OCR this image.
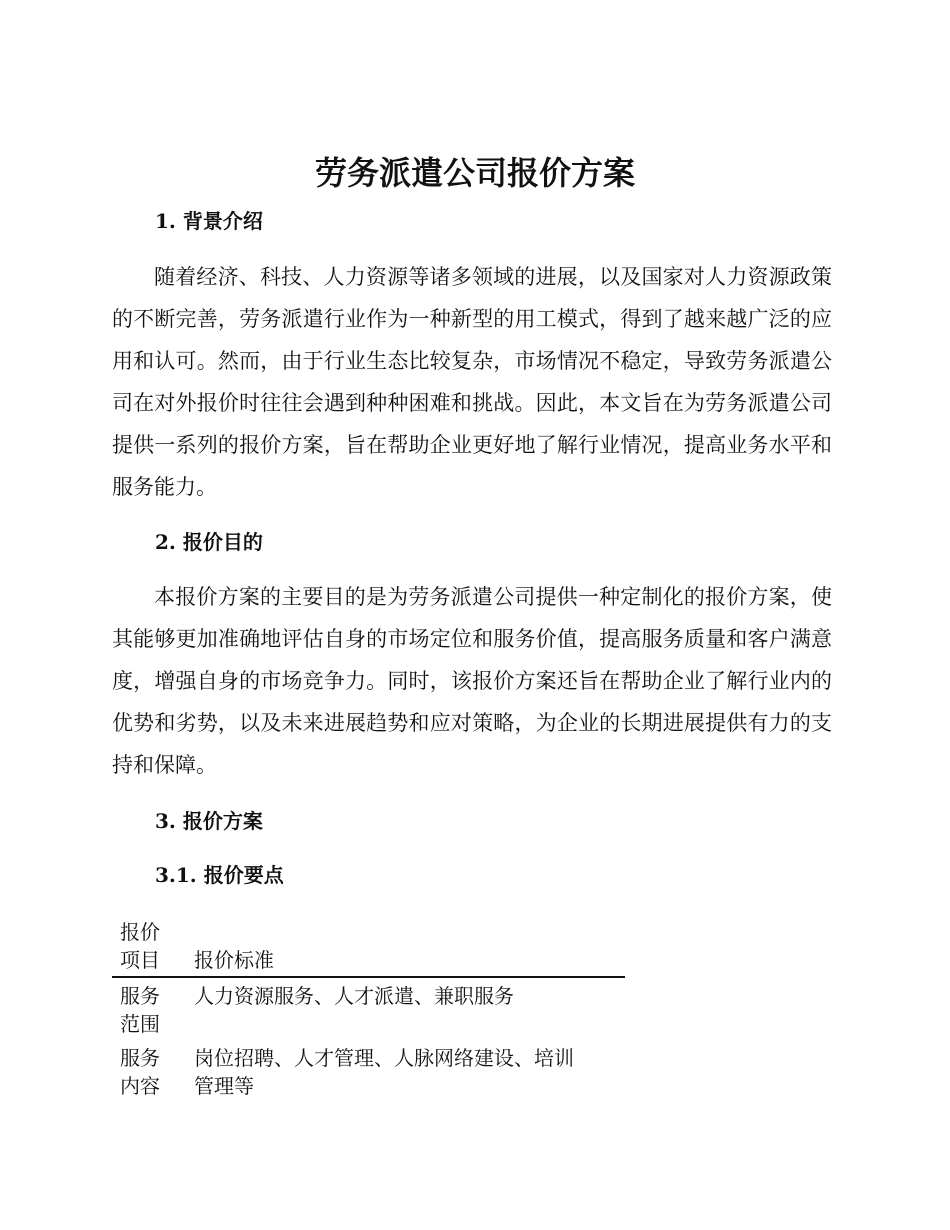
劳务派遣公司报价方案
1. 背景介绍

随着经济、科技、人力资源等诸多领域的进展，以及国家对人力资源政策的不断完善，劳务派遣行业作为一种新型的用工模式，得到了越来越广泛的应用和认可。然而，由于行业生态比较复杂，市场情况不稳定，导致劳务派遣公司在对外报价时往往会遇到种种困难和挑战。因此，本文旨在为劳务派遣公司提供一系列的报价方案，旨在帮助企业更好地了解行业情况，提高业务水平和服务能力。

2. 报价目的

本报价方案的主要目的是为劳务派遣公司提供一种定制化的报价方案，使其能够更加准确地评估自身的市场定位和服务价值，提高服务质量和客户满意度，增强自身的市场竞争力。同时，该报价方案还旨在帮助企业了解行业内的优势和劣势，以及未来进展趋势和应对策略，为企业的长期进展提供有力的支持和保障。

3. 报价方案
3.1. 报价要点
报价
项目	报价标准

服务
范围	人力资源服务、人才派遣、兼职服务

服务
内容	岗位招聘、人才管理、人脉网络建设、培训
管理等
